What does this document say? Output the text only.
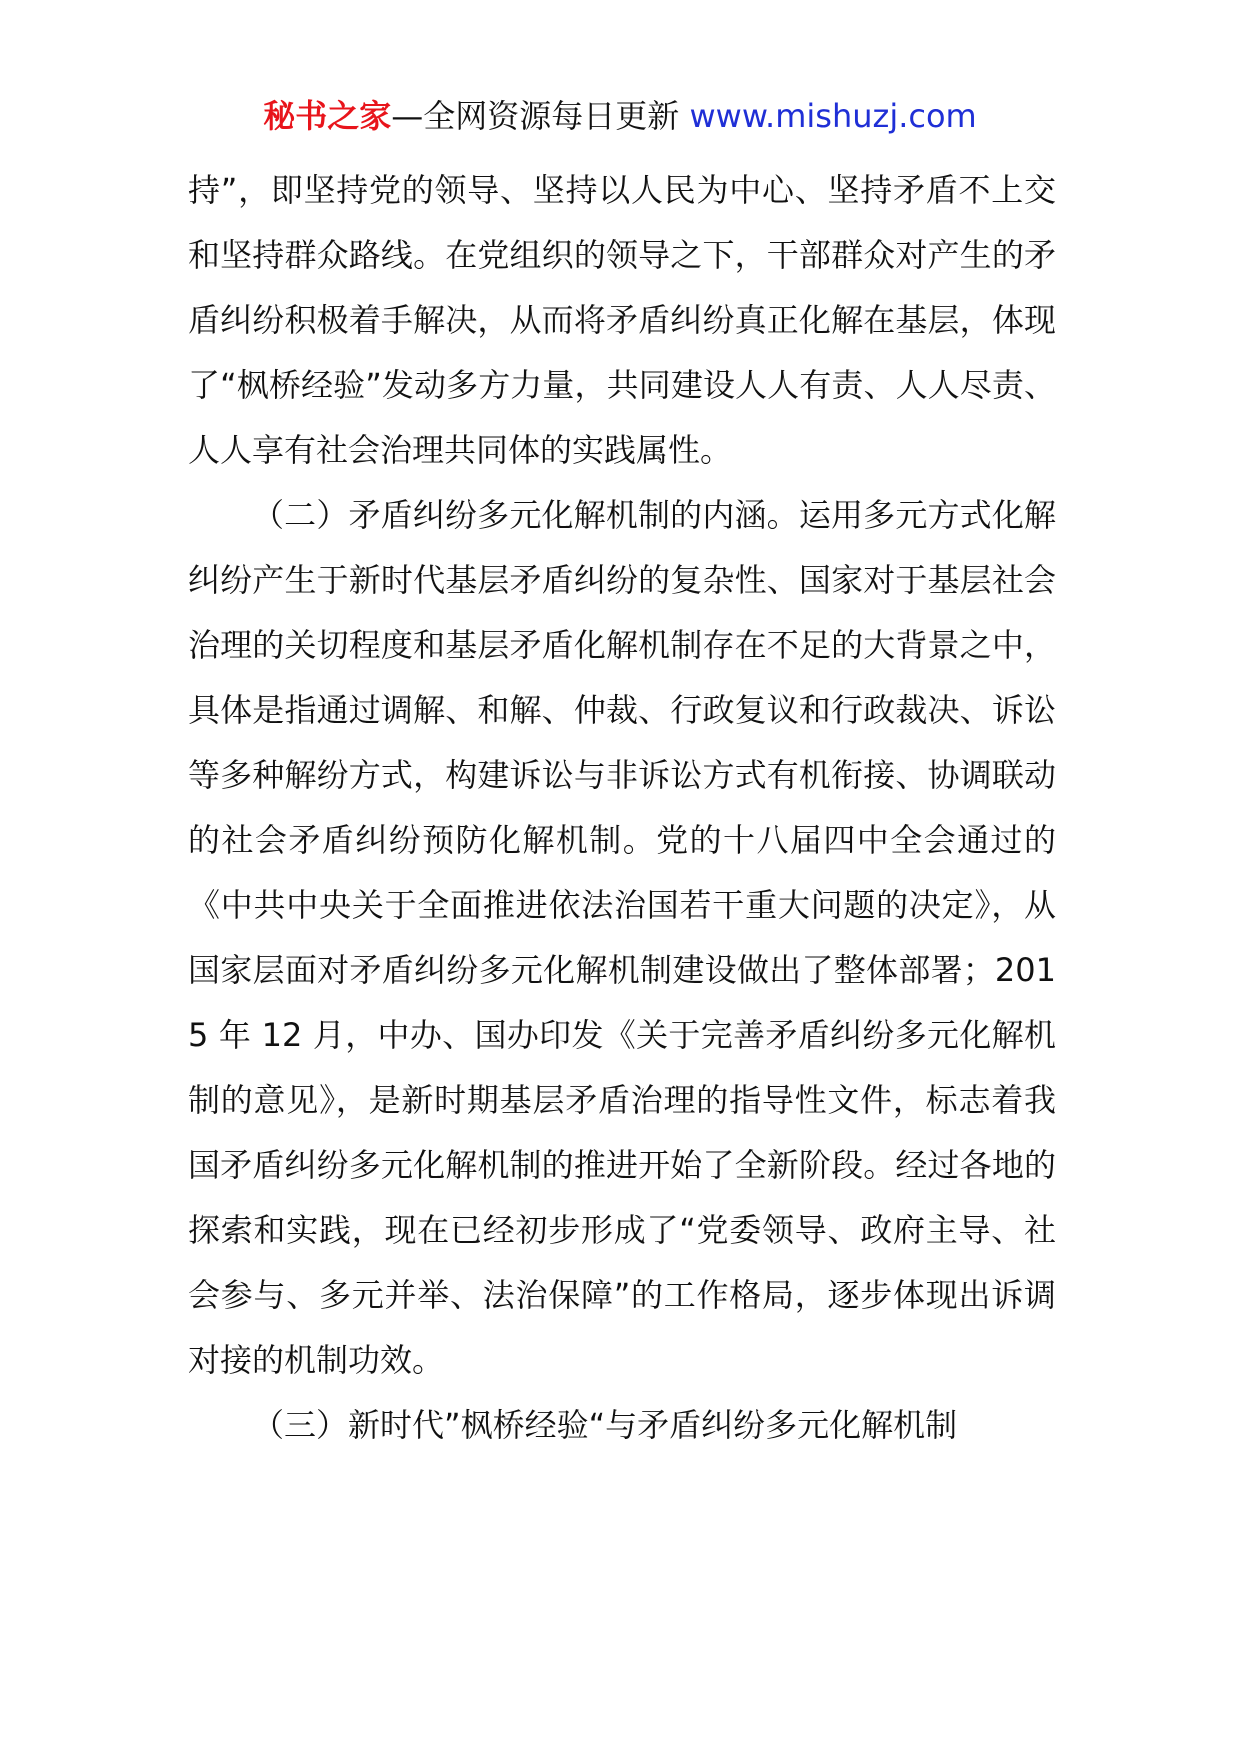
秘书之家—全网资源每日更新 www.mishuzj.com

持”，即坚持党的领导、坚持以人民为中心、坚持矛盾不上交和坚持群众路线。在党组织的领导之下，干部群众对产生的矛盾纠纷积极着手解决，从而将矛盾纠纷真正化解在基层，体现了“枫桥经验”发动多方力量，共同建设人人有责、人人尽责、人人享有社会治理共同体的实践属性。

（二）矛盾纠纷多元化解机制的内涵。运用多元方式化解纠纷产生于新时代基层矛盾纠纷的复杂性、国家对于基层社会治理的关切程度和基层矛盾化解机制存在不足的大背景之中，具体是指通过调解、和解、仲裁、行政复议和行政裁决、诉讼等多种解纷方式，构建诉讼与非诉讼方式有机衔接、协调联动的社会矛盾纠纷预防化解机制。党的十八届四中全会通过的《中共中央关于全面推进依法治国若干重大问题的决定》，从国家层面对矛盾纠纷多元化解机制建设做出了整体部署；2015 年 12 月，中办、国办印发《关于完善矛盾纠纷多元化解机制的意见》，是新时期基层矛盾治理的指导性文件，标志着我国矛盾纠纷多元化解机制的推进开始了全新阶段。经过各地的探索和实践，现在已经初步形成了“党委领导、政府主导、社会参与、多元并举、法治保障”的工作格局，逐步体现出诉调对接的机制功效。

（三）新时代”枫桥经验“与矛盾纠纷多元化解机制
